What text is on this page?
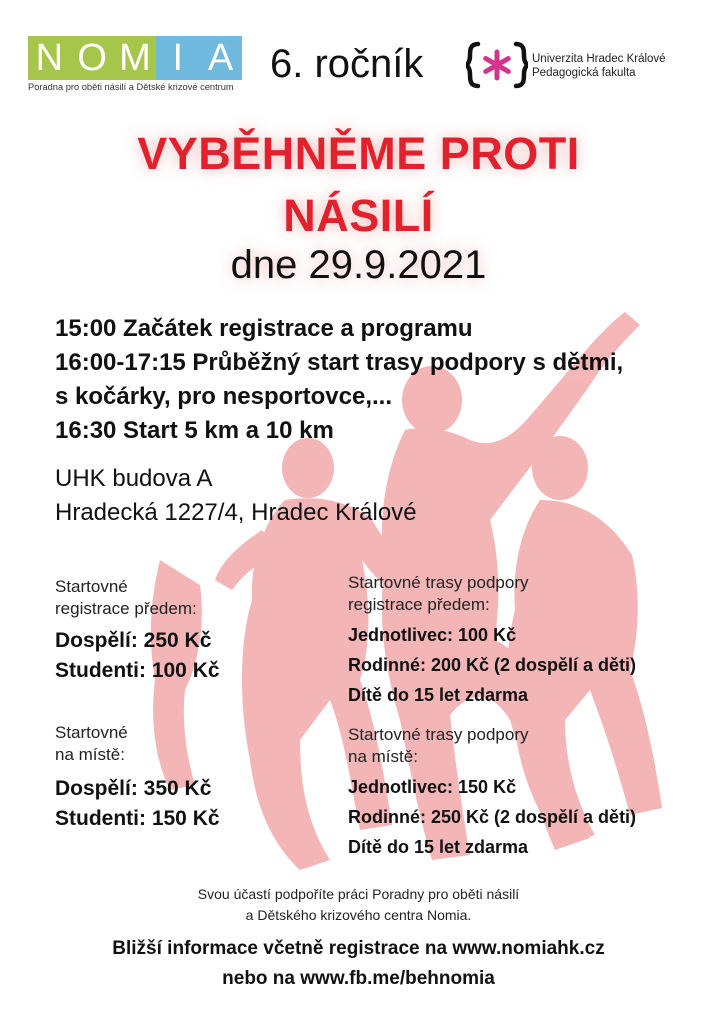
N O M I A
Poradna pro oběti násilí a Dětské krizové centrum
6. ročník	Univerzita Hradec Králové
Pedagogická fakulta
VYBĚHNĚME PROTI
NÁSILÍ
dne 29.9.2021
15:00 Začátek registrace a programu
16:00-17:15 Průběžný start trasy podpory s dětmi,
s kočárky, pro nesportovce,...
16:30 Start 5 km a 10 km
UHK budova A
Hradecká 1227/4, Hradec Králové
Startovné
registrace předem:
Dospělí: 250 Kč
Studenti: 100 Kč
Startovné
na místě:
Dospělí: 350 Kč
Studenti: 150 Kč
Startovné trasy podpory
registrace předem:
Jednotlivec: 100 Kč
Rodinné: 200 Kč (2 dospělí a děti)
Dítě do 15 let zdarma
Startovné trasy podpory
na místě:
Jednotlivec: 150 Kč
Rodinné: 250 Kč (2 dospělí a děti)
Dítě do 15 let zdarma
Svou účastí podpoříte práci Poradny pro oběti násilí
a Dětského krizového centra Nomia.
Bližší informace včetně registrace na www.nomiahk.cz
nebo na www.fb.me/behnomia
